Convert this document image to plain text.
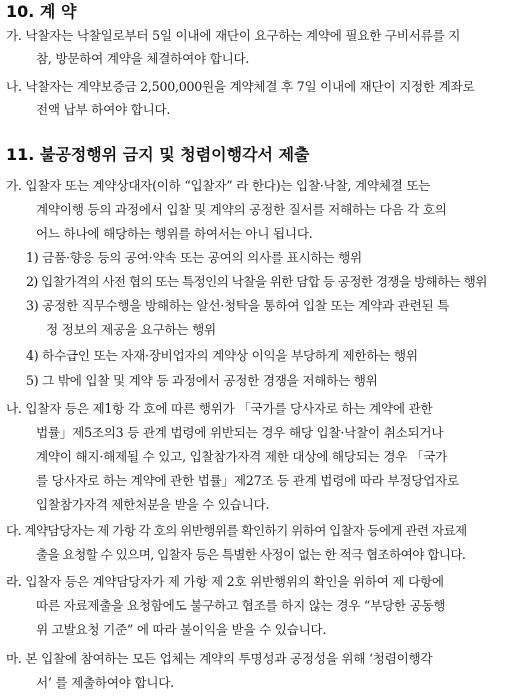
10. 계 약
가. 낙찰자는 낙찰일로부터 5일 이내에 재단이 요구하는 계약에 필요한 구비서류를 지
참, 방문하여 계약을 체결하여야 합니다.
나. 낙찰자는 계약보증금 2,500,000원을 계약체결 후 7일 이내에 재단이 지정한 계좌로
전액 납부 하여야 합니다.
11. 불공정행위 금지 및 청렴이행각서 제출
가. 입찰자 또는 계약상대자(이하 “입찰자” 라 한다)는 입찰·낙찰, 계약체결 또는
계약이행 등의 과정에서 입찰 및 계약의 공정한 질서를 저해하는 다음 각 호의
어느 하나에 해당하는 행위를 하여서는 아니 됩니다.
1) 금품·향응 등의 공여·약속 또는 공여의 의사를 표시하는 행위
2) 입찰가격의 사전 협의 또는 특정인의 낙찰을 위한 담합 등 공정한 경쟁을 방해하는 행위
3) 공정한 직무수행을 방해하는 알선·청탁을 통하여 입찰 또는 계약과 관련된 특
정 정보의 제공을 요구하는 행위
4) 하수급인 또는 자재·장비업자의 계약상 이익을 부당하게 제한하는 행위
5) 그 밖에 입찰 및 계약 등 과정에서 공정한 경쟁을 저해하는 행위
나. 입찰자 등은 제1항 각 호에 따른 행위가 「국가를 당사자로 하는 계약에 관한
법률」제5조의3 등 관계 법령에 위반되는 경우 해당 입찰·낙찰이 취소되거나
계약이 해지·해제될 수 있고, 입찰참가자격 제한 대상에 해당되는 경우 「국가
를 당사자로 하는 계약에 관한 법률」제27조 등 관계 법령에 따라 부정당업자로
입찰참가자격 제한처분을 받을 수 있습니다.
다. 계약담당자는 제 가항 각 호의 위반행위를 확인하기 위하여 입찰자 등에게 관련 자료제
출을 요청할 수 있으며, 입찰자 등은 특별한 사정이 없는 한 적극 협조하여야 합니다.
라. 입찰자 등은 계약담당자가 제 가항 제 2호 위반행위의 확인을 위하여 제 다항에
따른 자료제출을 요청함에도 불구하고 협조를 하지 않는 경우 “부당한 공동행
위 고발요청 기준” 에 따라 불이익을 받을 수 있습니다.
마. 본 입찰에 참여하는 모든 업체는 계약의 투명성과 공정성을 위해 ‘청렴이행각
서’ 를 제출하여야 합니다.
